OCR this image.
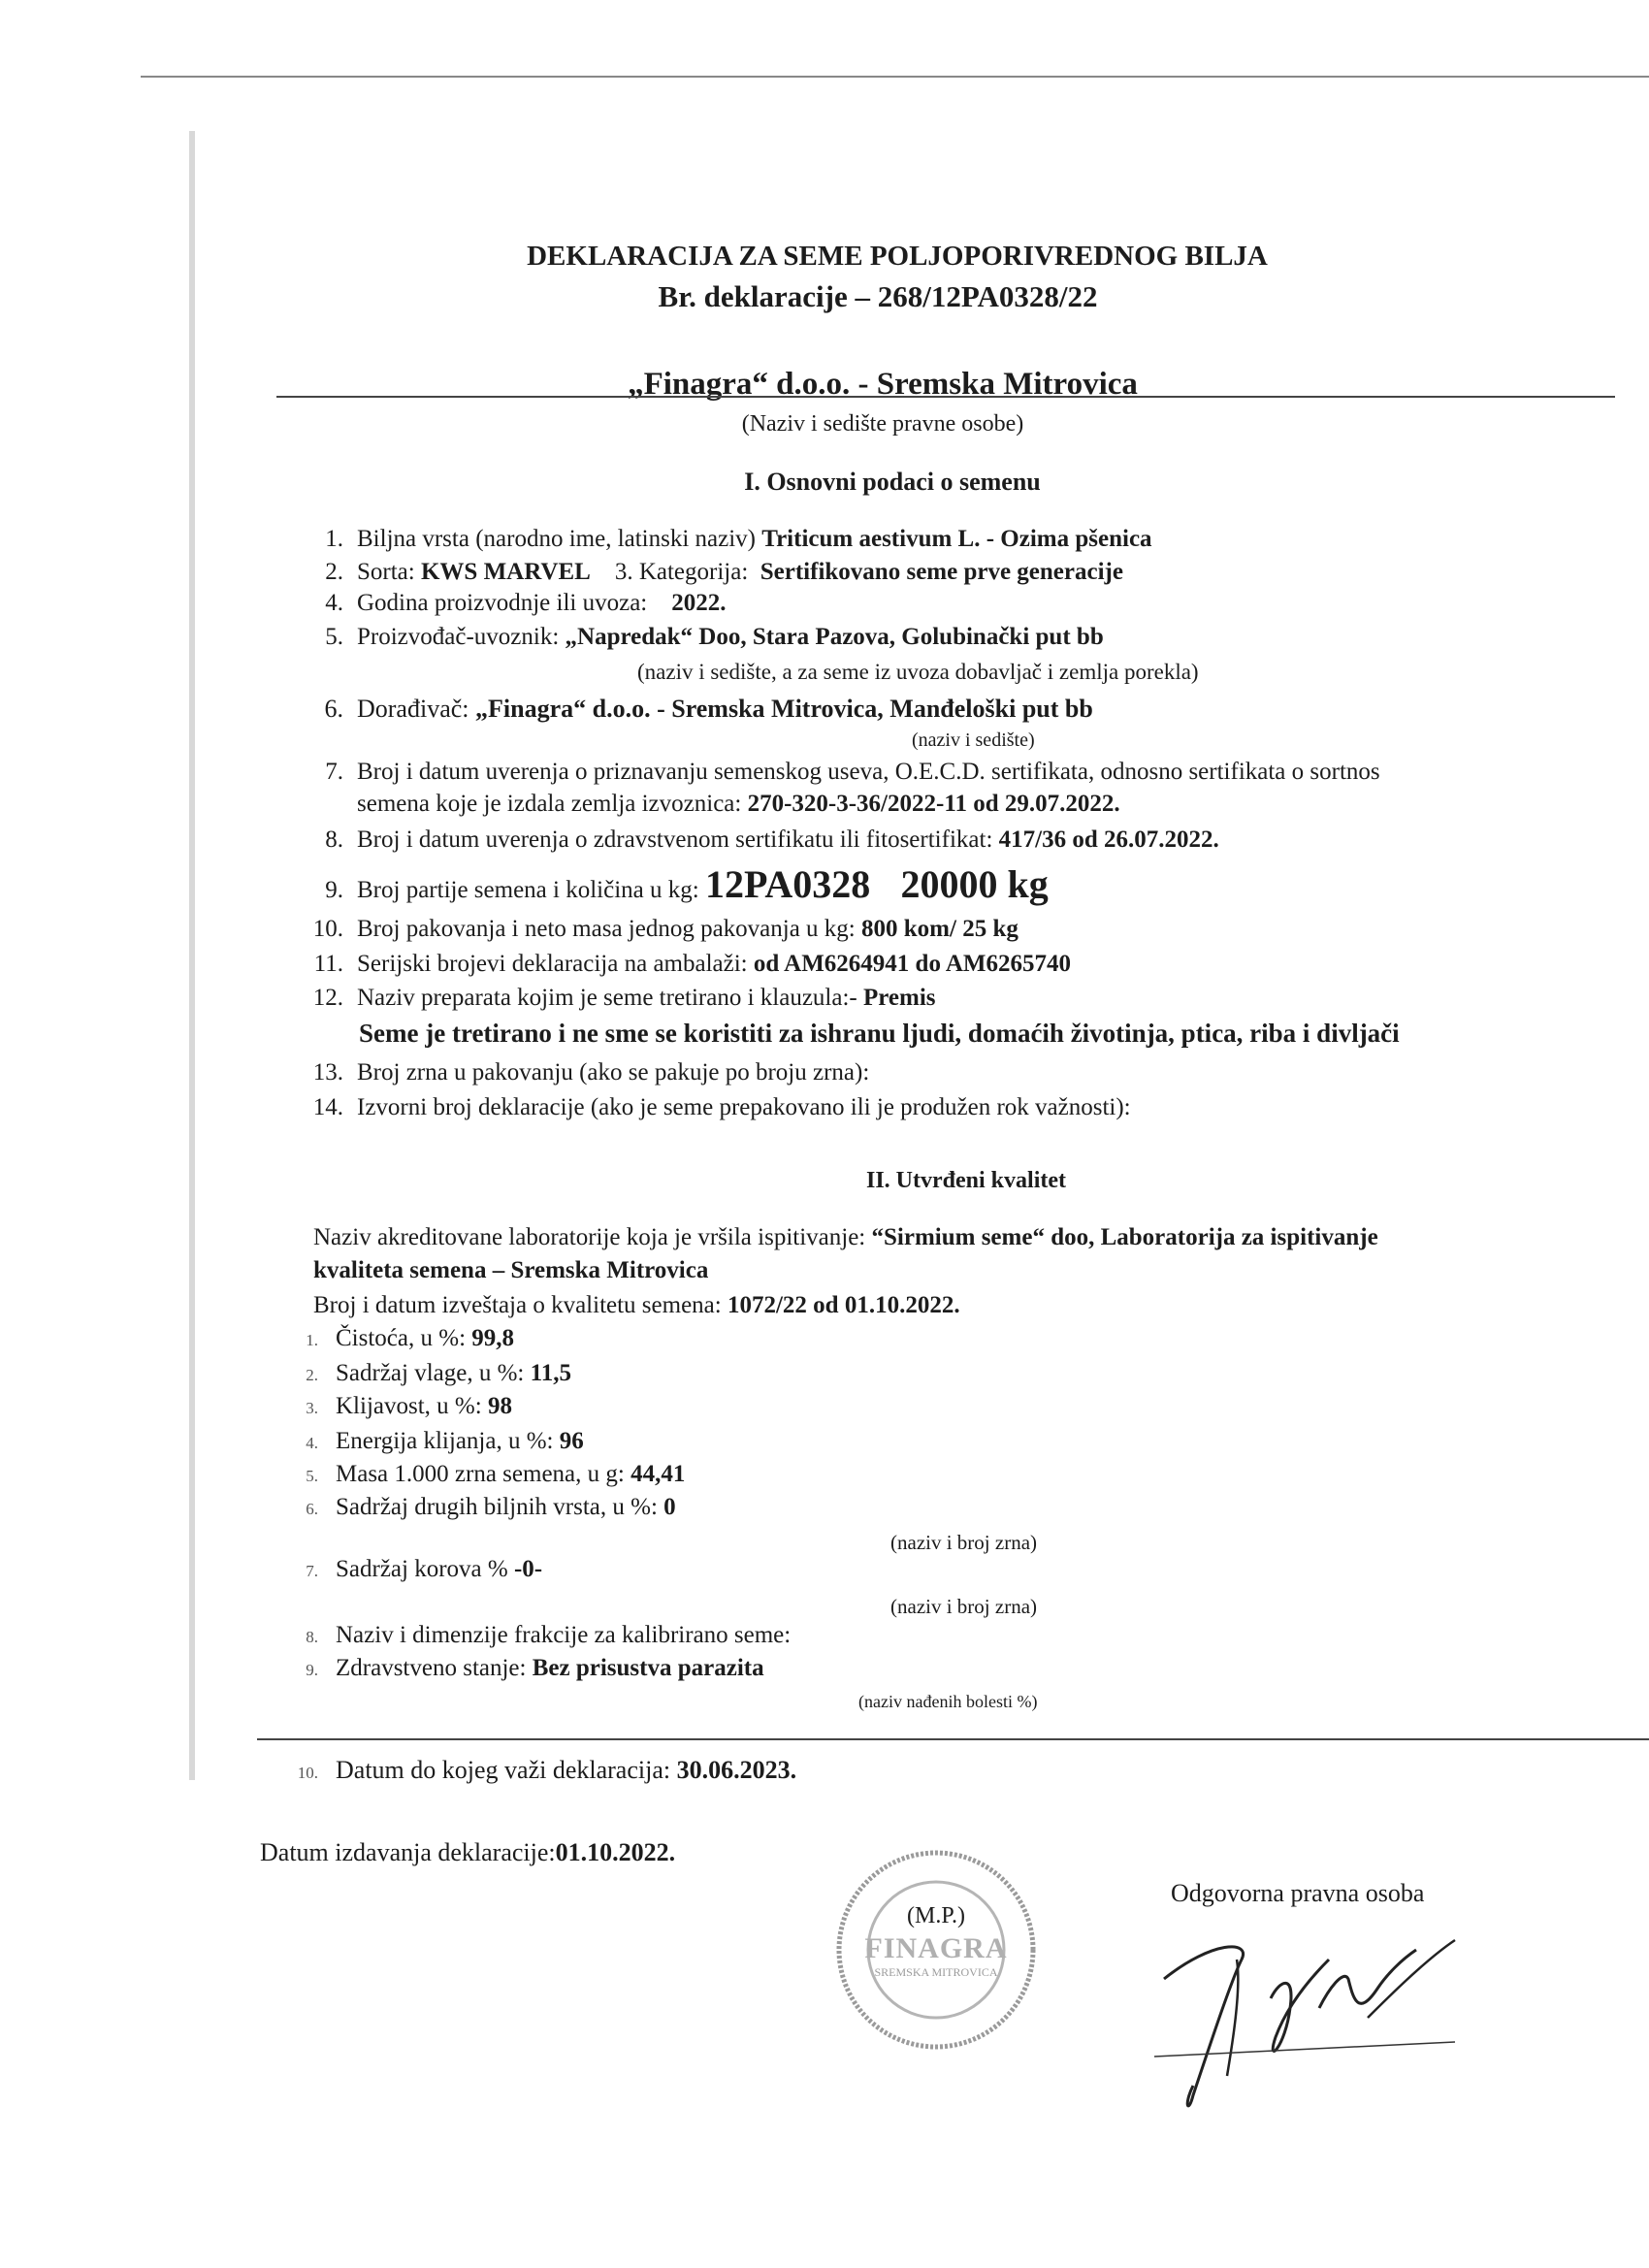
DEKLARACIJA ZA SEME POLJOPORIVREDNOG BILJA
Br. deklaracije – 268/12PA0328/22
„Finagra“ d.o.o. - Sremska Mitrovica
(Naziv i sedište pravne osobe)
I. Osnovni podaci o semenu
1. Biljna vrsta (narodno ime, latinski naziv) Triticum aestivum L. - Ozima pšenica
2. Sorta: KWS MARVEL 3. Kategorija: Sertifikovano seme prve generacije
4. Godina proizvodnje ili uvoza: 2022.
5. Proizvođač-uvoznik: „Napredak“ Doo, Stara Pazova, Golubinački put bb
(naziv i sedište, a za seme iz uvoza dobavljač i zemlja porekla)
6. Dorađivač: „Finagra“ d.o.o. - Sremska Mitrovica, Manđeloški put bb
(naziv i sedište)
7. Broj i datum uverenja o priznavanju semenskog useva, O.E.C.D. sertifikata, odnosno sertifikata o sortnos
semena koje je izdala zemlja izvoznica: 270-320-3-36/2022-11 od 29.07.2022.
8. Broj i datum uverenja o zdravstvenom sertifikatu ili fitosertifikat: 417/36 od 26.07.2022.
9. Broj partije semena i količina u kg: 12PA0328 20000 kg
10. Broj pakovanja i neto masa jednog pakovanja u kg: 800 kom/ 25 kg
11. Serijski brojevi deklaracija na ambalaži: od AM6264941 do AM6265740
12. Naziv preparata kojim je seme tretirano i klauzula:- Premis
Seme je tretirano i ne sme se koristiti za ishranu ljudi, domaćih životinja, ptica, riba i divljači
13. Broj zrna u pakovanju (ako se pakuje po broju zrna):
14. Izvorni broj deklaracije (ako je seme prepakovano ili je produžen rok važnosti):
II. Utvrđeni kvalitet
Naziv akreditovane laboratorije koja je vršila ispitivanje: “Sirmium seme“ doo, Laboratorija za ispitivanje
kvaliteta semena – Sremska Mitrovica
Broj i datum izveštaja o kvalitetu semena: 1072/22 od 01.10.2022.
1. Čistoća, u %: 99,8
2. Sadržaj vlage, u %: 11,5
3. Klijavost, u %: 98
4. Energija klijanja, u %: 96
5. Masa 1.000 zrna semena, u g: 44,41
6. Sadržaj drugih biljnih vrsta, u %: 0
(naziv i broj zrna)
7. Sadržaj korova % -0-
(naziv i broj zrna)
8. Naziv i dimenzije frakcije za kalibrirano seme:
9. Zdravstveno stanje: Bez prisustva parazita
(naziv nađenih bolesti %)
10. Datum do kojeg važi deklaracija: 30.06.2023.
Datum izdavanja deklaracije:01.10.2022.
FINAGRA
SREMSKA MITROVICA
(M.P.)
Odgovorna pravna osoba
